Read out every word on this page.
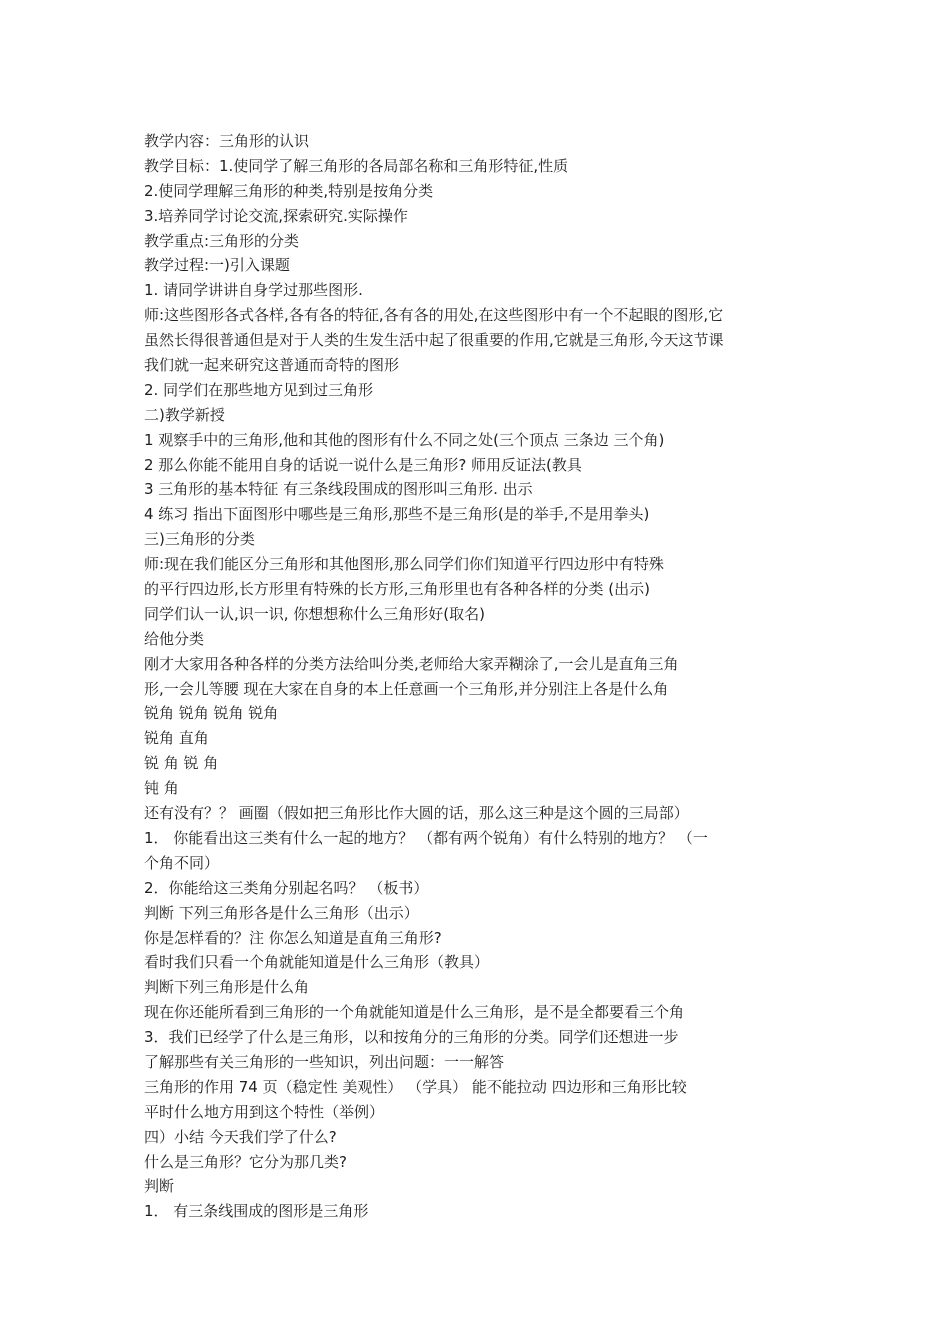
教学内容：三角形的认识
教学目标：1.使同学了解三角形的各局部名称和三角形特征,性质
2.使同学理解三角形的种类,特别是按角分类
3.培养同学讨论交流,探索研究.实际操作
教学重点:三角形的分类
教学过程:一)引入课题
1. 请同学讲讲自身学过那些图形.
师:这些图形各式各样,各有各的特征,各有各的用处,在这些图形中有一个不起眼的图形,它
虽然长得很普通但是对于人类的生发生活中起了很重要的作用,它就是三角形,今天这节课
我们就一起来研究这普通而奇特的图形
2. 同学们在那些地方见到过三角形
二)教学新授
1 观察手中的三角形,他和其他的图形有什么不同之处(三个顶点 三条边 三个角)
2 那么你能不能用自身的话说一说什么是三角形? 师用反证法(教具
3 三角形的基本特征 有三条线段围成的图形叫三角形. 出示
4 练习 指出下面图形中哪些是三角形,那些不是三角形(是的举手,不是用拳头)
三)三角形的分类
师:现在我们能区分三角形和其他图形,那么同学们你们知道平行四边形中有特殊
的平行四边形,长方形里有特殊的长方形,三角形里也有各种各样的分类 (出示)
同学们认一认,识一识, 你想想称什么三角形好(取名)
给他分类
刚才大家用各种各样的分类方法给叫分类,老师给大家弄糊涂了,一会儿是直角三角
形,一会儿等腰 现在大家在自身的本上任意画一个三角形,并分别注上各是什么角
锐角 锐角 锐角 锐角
锐角 直角
锐 角 锐 角
钝 角
还有没有？？ 画圈（假如把三角形比作大圆的话，那么这三种是这个圆的三局部）
1． 你能看出这三类有什么一起的地方？ （都有两个锐角）有什么特别的地方？ （一
个角不同）
2．你能给这三类角分别起名吗？ （板书）
判断 下列三角形各是什么三角形（出示）
你是怎样看的？注 你怎么知道是直角三角形?
看时我们只看一个角就能知道是什么三角形（教具）
判断下列三角形是什么角
现在你还能所看到三角形的一个角就能知道是什么三角形，是不是全都要看三个角
3．我们已经学了什么是三角形，以和按角分的三角形的分类。同学们还想进一步
了解那些有关三角形的一些知识，列出问题：一一解答
三角形的作用 74 页（稳定性 美观性） （学具） 能不能拉动 四边形和三角形比较
平时什么地方用到这个特性（举例）
四）小结 今天我们学了什么?
什么是三角形？它分为那几类?
判断
1． 有三条线围成的图形是三角形
